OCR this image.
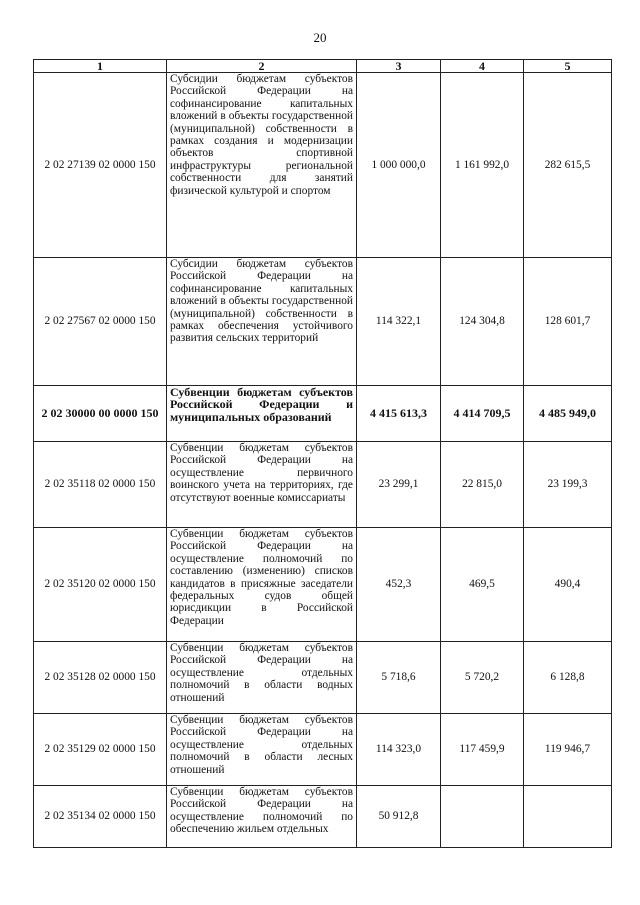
20
1	2	3	4	5
2 02 27139 02 0000 150	Субсидии бюджетам субъектов Российской Федерации на софинансирование капитальных вложений в объекты государственной (муниципальной) собственности в рамках создания и модернизации объектов спортивной инфраструктуры региональной собственности для занятий физической культурой и спортом	1 000 000,0	1 161 992,0	282 615,5
2 02 27567 02 0000 150	Субсидии бюджетам субъектов Российской Федерации на софинансирование капитальных вложений в объекты государственной (муниципальной) собственности в рамках обеспечения устойчивого развития сельских территорий	114 322,1	124 304,8	128 601,7
2 02 30000 00 0000 150	Субвенции бюджетам субъектов Российской Федерации и муниципальных образований	4 415 613,3	4 414 709,5	4 485 949,0
2 02 35118 02 0000 150	Субвенции бюджетам субъектов Российской Федерации на осуществление первичного воинского учета на территориях, где отсутствуют военные комиссариаты	23 299,1	22 815,0	23 199,3
2 02 35120 02 0000 150	Субвенции бюджетам субъектов Российской Федерации на осуществление полномочий по составлению (изменению) списков кандидатов в присяжные заседатели федеральных судов общей юрисдикции в Российской Федерации	452,3	469,5	490,4
2 02 35128 02 0000 150	Субвенции бюджетам субъектов Российской Федерации на осуществление отдельных полномочий в области водных отношений	5 718,6	5 720,2	6 128,8
2 02 35129 02 0000 150	Субвенции бюджетам субъектов Российской Федерации на осуществление отдельных полномочий в области лесных отношений	114 323,0	117 459,9	119 946,7
2 02 35134 02 0000 150	Субвенции бюджетам субъектов Российской Федерации на осуществление полномочий по обеспечению жильем отдельных	50 912,8		
